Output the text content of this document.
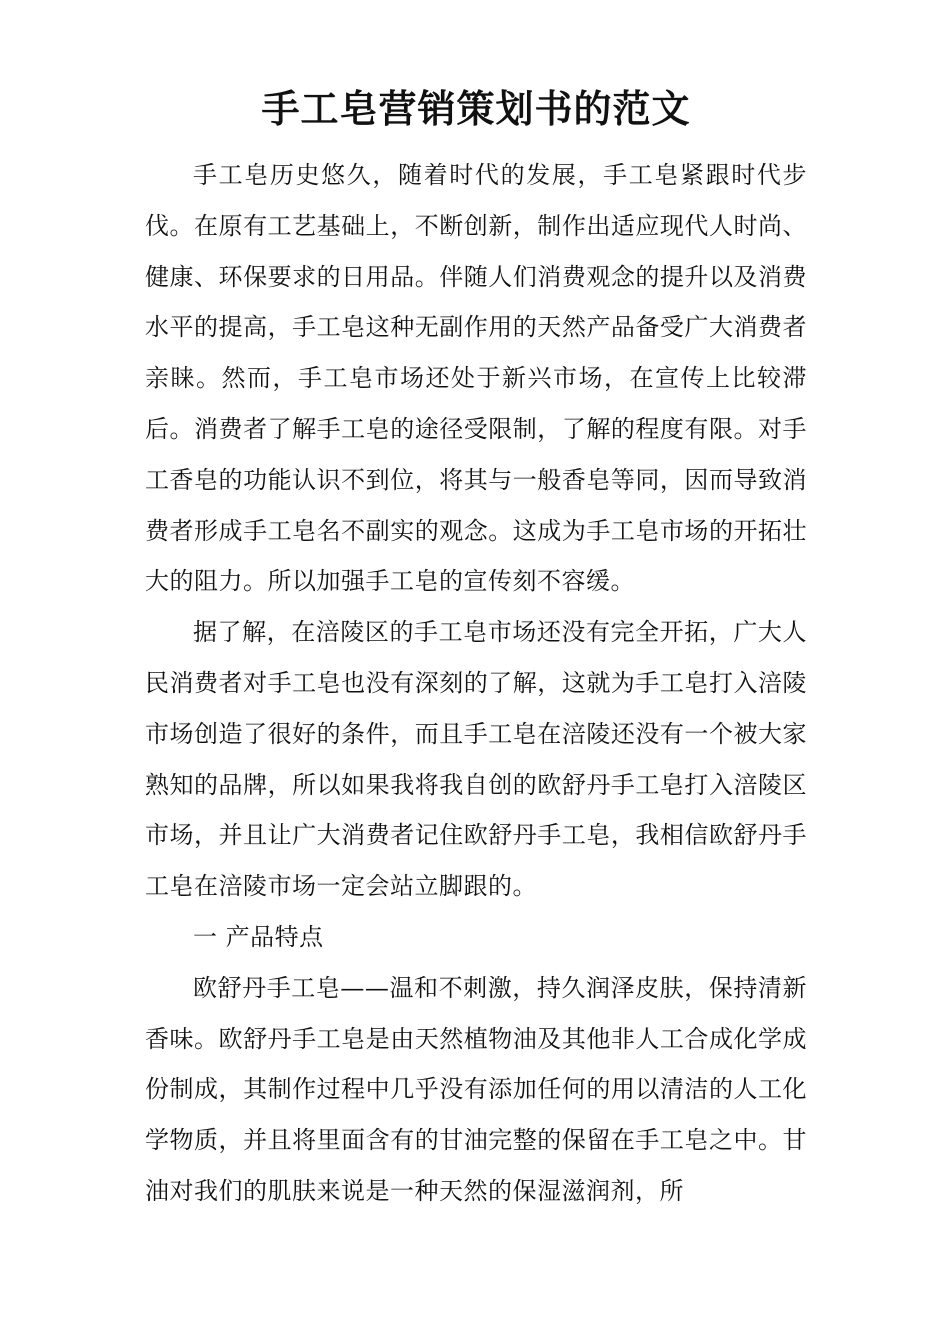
手工皂营销策划书的范文

手工皂历史悠久，随着时代的发展，手工皂紧跟时代步伐。在原有工艺基础上，不断创新，制作出适应现代人时尚、健康、环保要求的日用品。伴随人们消费观念的提升以及消费水平的提高，手工皂这种无副作用的天然产品备受广大消费者亲睐。然而，手工皂市场还处于新兴市场，在宣传上比较滞后。消费者了解手工皂的途径受限制，了解的程度有限。对手工香皂的功能认识不到位，将其与一般香皂等同，因而导致消费者形成手工皂名不副实的观念。这成为手工皂市场的开拓壮大的阻力。所以加强手工皂的宣传刻不容缓。

据了解，在涪陵区的手工皂市场还没有完全开拓，广大人民消费者对手工皂也没有深刻的了解，这就为手工皂打入涪陵市场创造了很好的条件，而且手工皂在涪陵还没有一个被大家熟知的品牌，所以如果我将我自创的欧舒丹手工皂打入涪陵区市场，并且让广大消费者记住欧舒丹手工皂，我相信欧舒丹手工皂在涪陵市场一定会站立脚跟的。

一 产品特点

欧舒丹手工皂——温和不刺激，持久润泽皮肤，保持清新香味。欧舒丹手工皂是由天然植物油及其他非人工合成化学成份制成，其制作过程中几乎没有添加任何的用以清洁的人工化学物质，并且将里面含有的甘油完整的保留在手工皂之中。甘油对我们的肌肤来说是一种天然的保湿滋润剂，所
